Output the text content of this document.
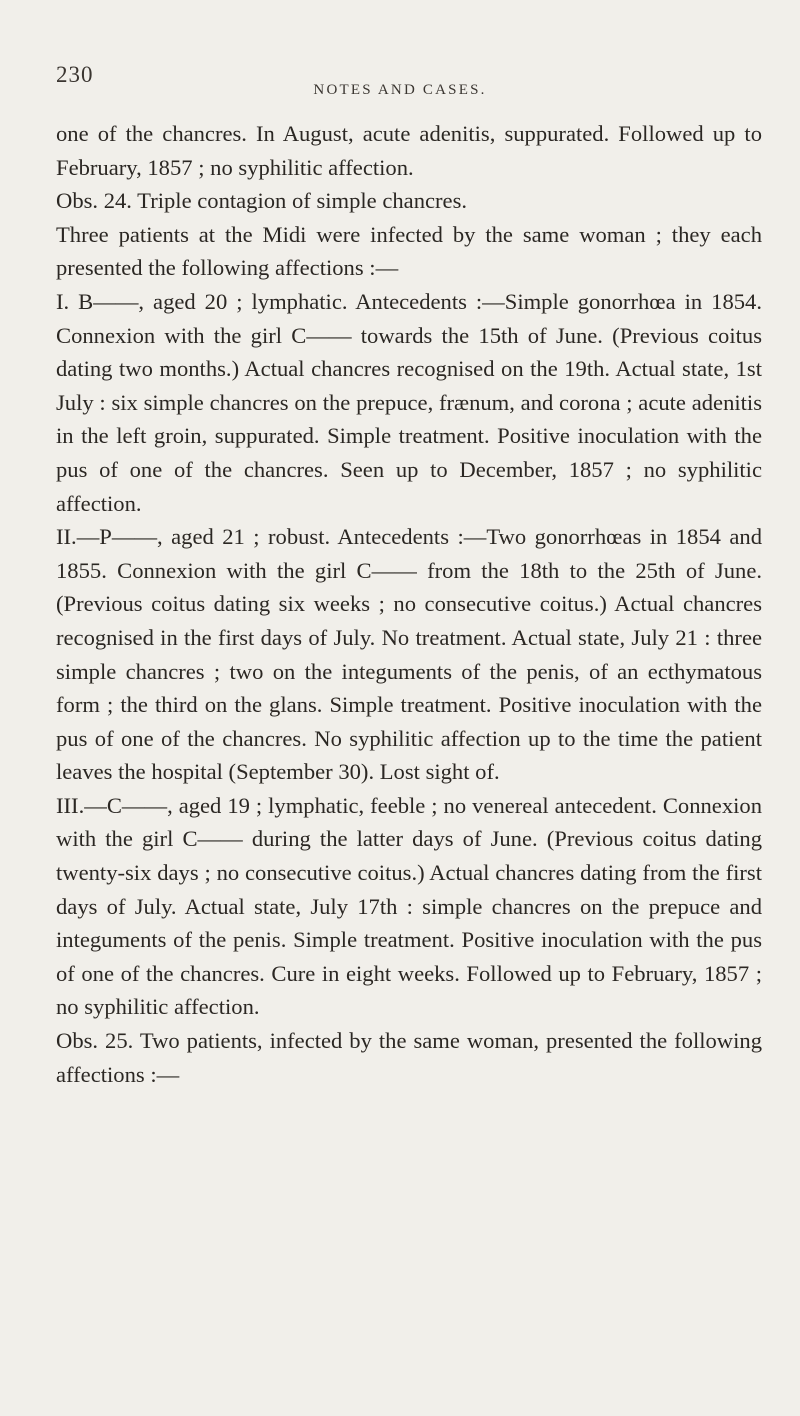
230
NOTES AND CASES.

one of the chancres. In August, acute adenitis, suppurated. Followed up to February, 1857 ; no syphilitic affection.

Obs. 24. Triple contagion of simple chancres.

Three patients at the Midi were infected by the same woman ; they each presented the following affections :—

I. B——, aged 20 ; lymphatic. Antecedents :—Simple gonorrhœa in 1854. Connexion with the girl C—— towards the 15th of June. (Previous coitus dating two months.) Actual chancres recognised on the 19th. Actual state, 1st July : six simple chancres on the prepuce, frænum, and corona ; acute adenitis in the left groin, suppurated. Simple treatment. Positive inoculation with the pus of one of the chancres. Seen up to December, 1857 ; no syphilitic affection.

II.—P——, aged 21 ; robust. Antecedents :—Two gonorrhœas in 1854 and 1855. Connexion with the girl C—— from the 18th to the 25th of June. (Previous coitus dating six weeks ; no consecutive coitus.) Actual chancres recognised in the first days of July. No treatment. Actual state, July 21 : three simple chancres ; two on the integuments of the penis, of an ecthymatous form ; the third on the glans. Simple treatment. Positive inoculation with the pus of one of the chancres. No syphilitic affection up to the time the patient leaves the hospital (September 30). Lost sight of.

III.—C——, aged 19 ; lymphatic, feeble ; no venereal antecedent. Connexion with the girl C—— during the latter days of June. (Previous coitus dating twenty-six days ; no consecutive coitus.) Actual chancres dating from the first days of July. Actual state, July 17th : simple chancres on the prepuce and integuments of the penis. Simple treatment. Positive inoculation with the pus of one of the chancres. Cure in eight weeks. Followed up to February, 1857 ; no syphilitic affection.

Obs. 25. Two patients, infected by the same woman, presented the following affections :—
